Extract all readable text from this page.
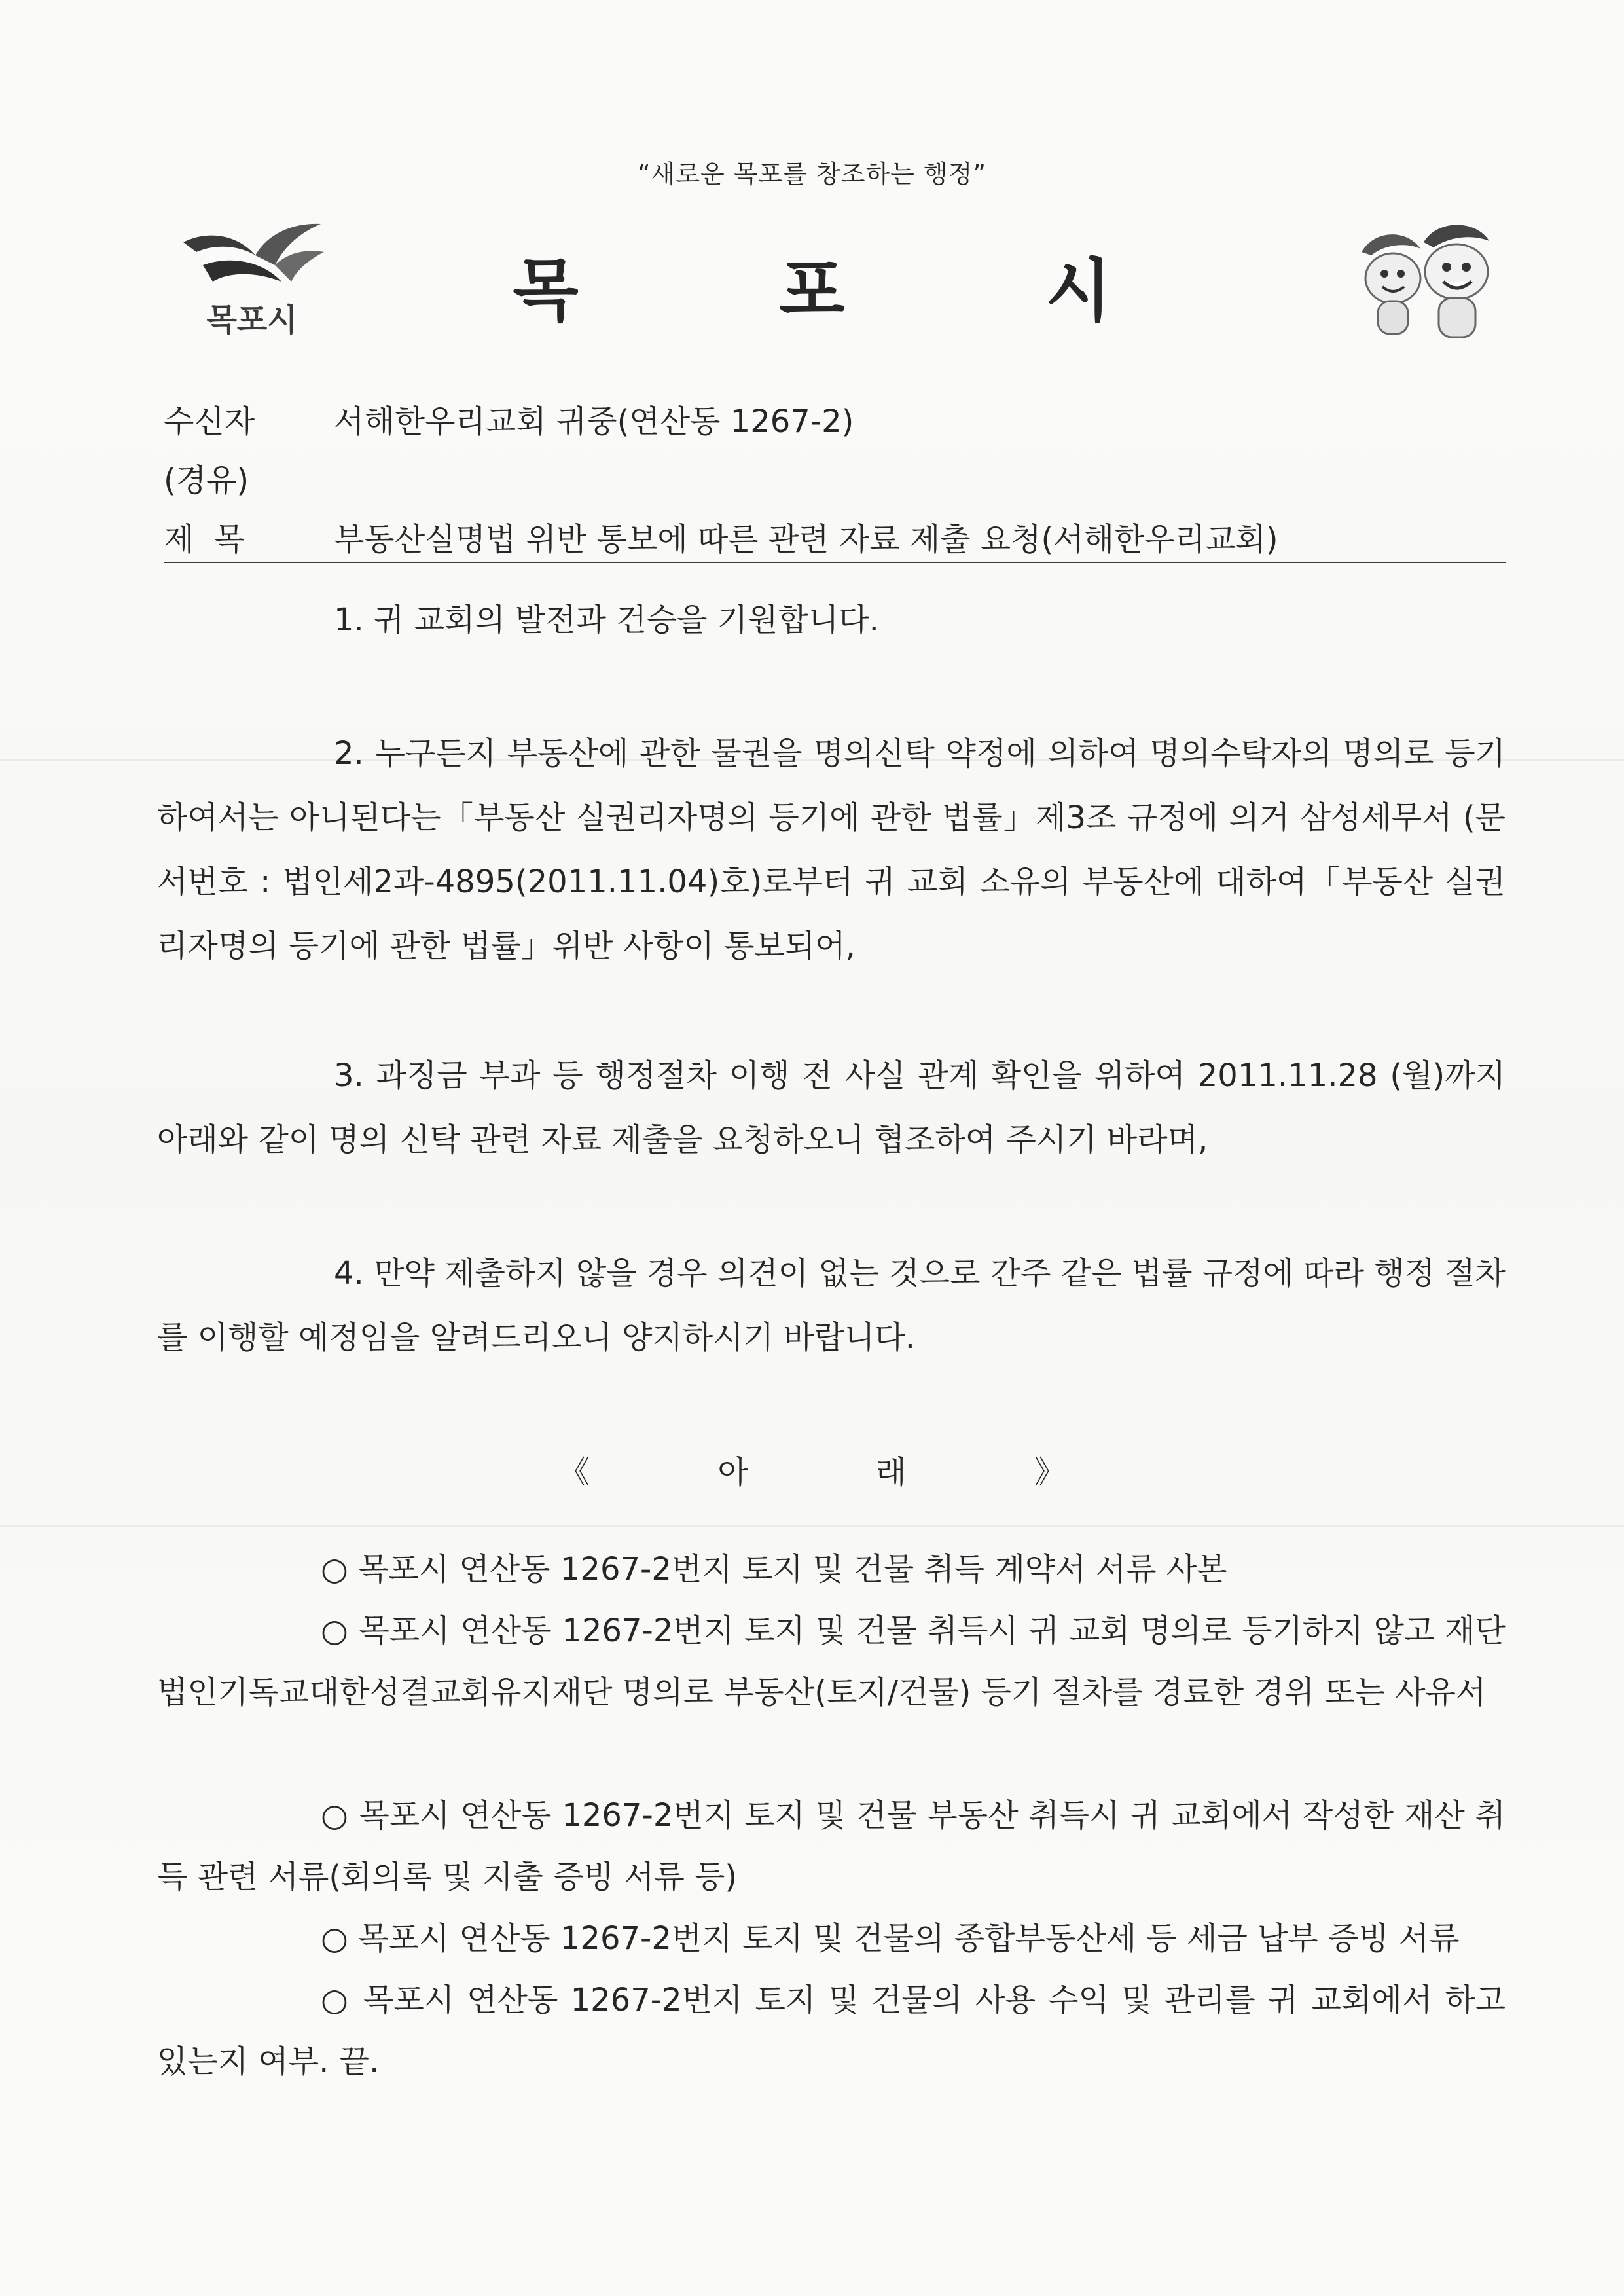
“새로운 목포를 창조하는 행정”
목포시	목 포 시
수신자	서해한우리교회 귀중(연산동 1267-2)
(경유)
제  목	부동산실명법 위반 통보에 따른 관련 자료 제출 요청(서해한우리교회)
1. 귀 교회의 발전과 건승을 기원합니다.
2. 누구든지 부동산에 관한 물권을 명의신탁 약정에 의하여 명의수탁자의 명의로 등기하여서는 아니된다는「부동산 실권리자명의 등기에 관한 법률」제3조 규정에 의거 삼성세무서 (문서번호 : 법인세2과-4895(2011.11.04)호)로부터 귀 교회 소유의 부동산에 대하여「부동산 실권리자명의 등기에 관한 법률」위반 사항이 통보되어,
3. 과징금 부과 등 행정절차 이행 전 사실 관계 확인을 위하여 2011.11.28 (월)까지 아래와 같이 명의 신탁 관련 자료 제출을 요청하오니 협조하여 주시기 바라며,
4. 만약 제출하지 않을 경우 의견이 없는 것으로 간주 같은 법률 규정에 따라 행정 절차를 이행할 예정임을 알려드리오니 양지하시기 바랍니다.
《 아 래 》
○ 목포시 연산동 1267-2번지 토지 및 건물 취득 계약서 서류 사본
○ 목포시 연산동 1267-2번지 토지 및 건물 취득시 귀 교회 명의로 등기하지 않고 재단법인기독교대한성결교회유지재단 명의로 부동산(토지/건물) 등기 절차를 경료한 경위 또는 사유서
○ 목포시 연산동 1267-2번지 토지 및 건물 부동산 취득시 귀 교회에서 작성한 재산 취득 관련 서류(회의록 및 지출 증빙 서류 등)
○ 목포시 연산동 1267-2번지 토지 및 건물의 종합부동산세 등 세금 납부 증빙 서류
○ 목포시 연산동 1267-2번지 토지 및 건물의 사용 수익 및 관리를 귀 교회에서 하고 있는지 여부. 끝.
